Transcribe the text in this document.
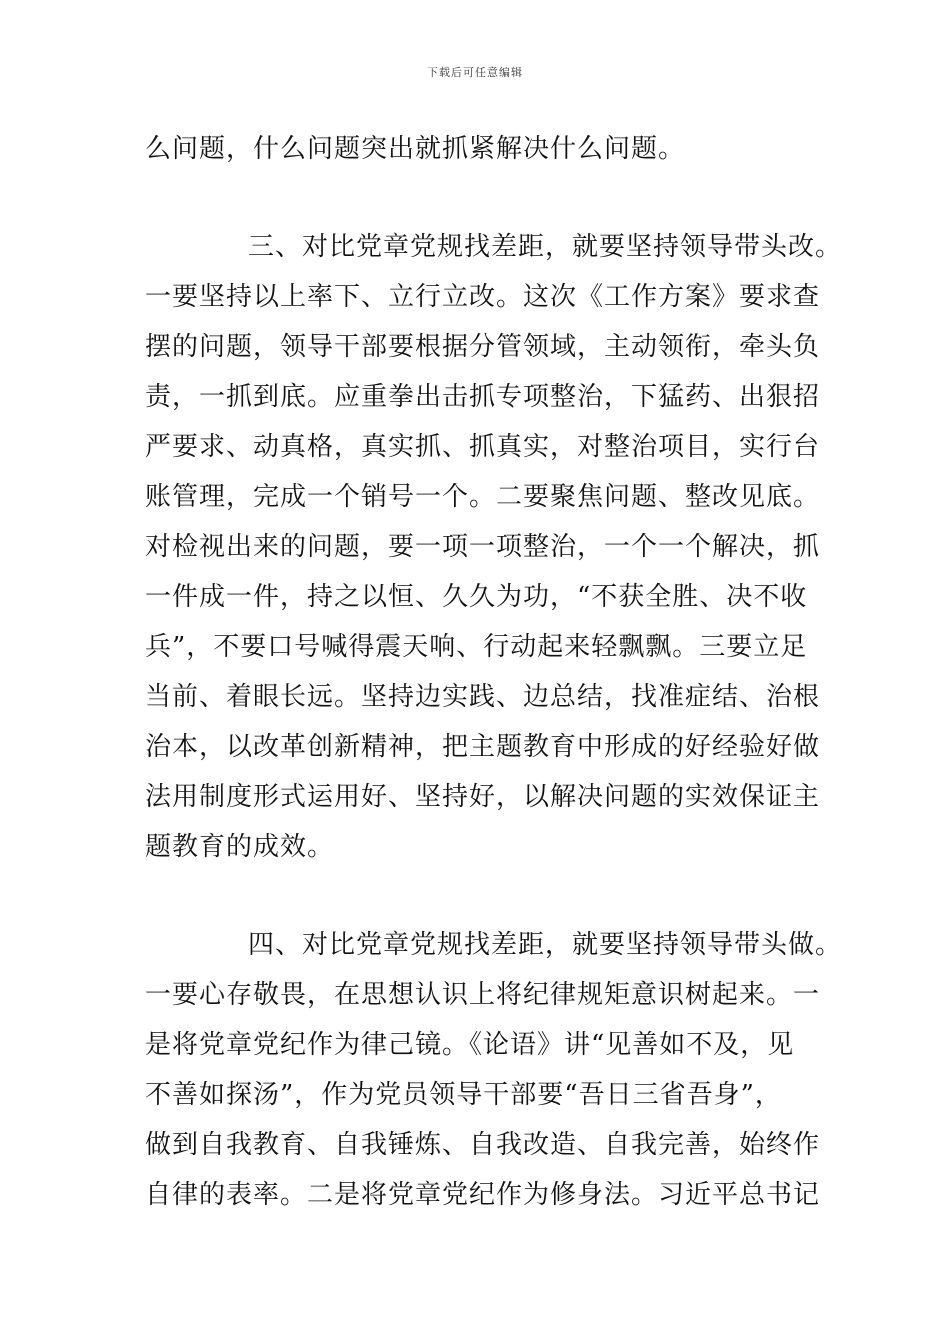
下载后可任意编辑
么问题，什么问题突出就抓紧解决什么问题。
三、对比党章党规找差距，就要坚持领导带头改。
一要坚持以上率下、立行立改。这次《工作方案》要求查
摆的问题，领导干部要根据分管领域，主动领衔，牵头负
责，一抓到底。应重拳出击抓专项整治，下猛药、出狠招
严要求、动真格，真实抓、抓真实，对整治项目，实行台
账管理，完成一个销号一个。二要聚焦问题、整改见底。
对检视出来的问题，要一项一项整治，一个一个解决，抓
一件成一件，持之以恒、久久为功，“不获全胜、决不收
兵”，不要口号喊得震天响、行动起来轻飘飘。三要立足
当前、着眼长远。坚持边实践、边总结，找准症结、治根
治本，以改革创新精神，把主题教育中形成的好经验好做
法用制度形式运用好、坚持好，以解决问题的实效保证主
题教育的成效。
四、对比党章党规找差距，就要坚持领导带头做。
一要心存敬畏，在思想认识上将纪律规矩意识树起来。一
是将党章党纪作为律己镜。《论语》讲“见善如不及，见
不善如探汤”，作为党员领导干部要“吾日三省吾身”，
做到自我教育、自我锤炼、自我改造、自我完善，始终作
自律的表率。二是将党章党纪作为修身法。习近平总书记
